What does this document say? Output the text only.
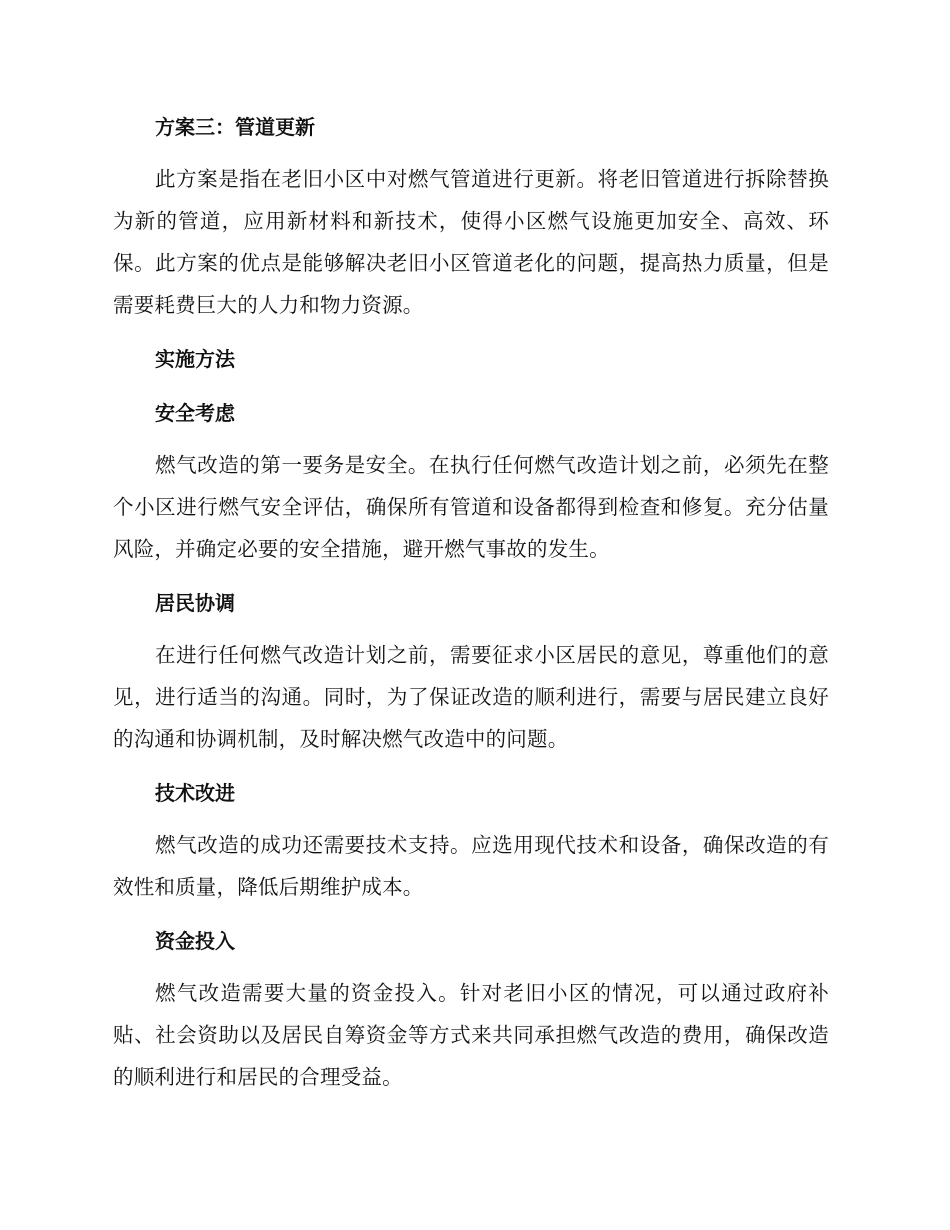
方案三：管道更新

此方案是指在老旧小区中对燃气管道进行更新。将老旧管道进行拆除替换为新的管道，应用新材料和新技术，使得小区燃气设施更加安全、高效、环保。此方案的优点是能够解决老旧小区管道老化的问题，提高热力质量，但是需要耗费巨大的人力和物力资源。

实施方法
安全考虑

燃气改造的第一要务是安全。在执行任何燃气改造计划之前，必须先在整个小区进行燃气安全评估，确保所有管道和设备都得到检查和修复。充分估量风险，并确定必要的安全措施，避开燃气事故的发生。

居民协调

在进行任何燃气改造计划之前，需要征求小区居民的意见，尊重他们的意见，进行适当的沟通。同时，为了保证改造的顺利进行，需要与居民建立良好的沟通和协调机制，及时解决燃气改造中的问题。

技术改进

燃气改造的成功还需要技术支持。应选用现代技术和设备，确保改造的有效性和质量，降低后期维护成本。

资金投入

燃气改造需要大量的资金投入。针对老旧小区的情况，可以通过政府补贴、社会资助以及居民自筹资金等方式来共同承担燃气改造的费用，确保改造的顺利进行和居民的合理受益。
